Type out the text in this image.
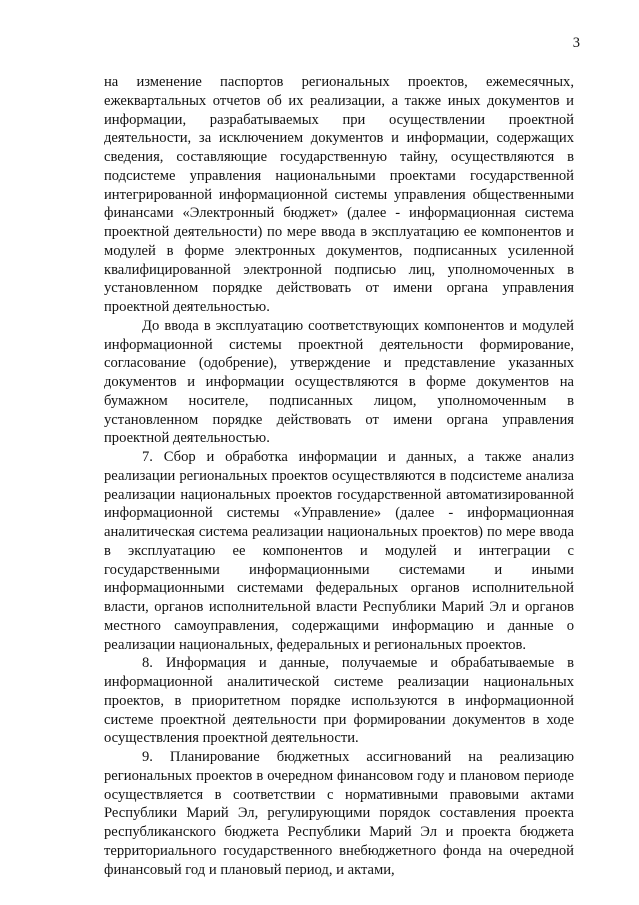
3

на изменение паспортов региональных проектов, ежемесячных, ежеквартальных отчетов об их реализации, а также иных документов и информации, разрабатываемых при осуществлении проектной деятельности, за исключением документов и информации, содержащих сведения, составляющие государственную тайну, осуществляются в подсистеме управления национальными проектами государственной интегрированной информационной системы управления общественными финансами «Электронный бюджет» (далее - информационная система проектной деятельности) по мере ввода в эксплуатацию ее компонентов и модулей в форме электронных документов, подписанных усиленной квалифицированной электронной подписью лиц, уполномоченных в установленном порядке действовать от имени органа управления проектной деятельностью.

До ввода в эксплуатацию соответствующих компонентов и модулей информационной системы проектной деятельности формирование, согласование (одобрение), утверждение и представление указанных документов и информации осуществляются в форме документов на бумажном носителе, подписанных лицом, уполномоченным в установленном порядке действовать от имени органа управления проектной деятельностью.

7. Сбор и обработка информации и данных, а также анализ реализации региональных проектов осуществляются в подсистеме анализа реализации национальных проектов государственной автоматизированной информационной системы «Управление» (далее - информационная аналитическая система реализации национальных проектов) по мере ввода в эксплуатацию ее компонентов и модулей и интеграции с государственными информационными системами и иными информационными системами федеральных органов исполнительной власти, органов исполнительной власти Республики Марий Эл и органов местного самоуправления, содержащими информацию и данные о реализации национальных, федеральных и региональных проектов.

8. Информация и данные, получаемые и обрабатываемые в информационной аналитической системе реализации национальных проектов, в приоритетном порядке используются в информационной системе проектной деятельности при формировании документов в ходе осуществления проектной деятельности.

9. Планирование бюджетных ассигнований на реализацию региональных проектов в очередном финансовом году и плановом периоде осуществляется в соответствии с нормативными правовыми актами Республики Марий Эл, регулирующими порядок составления проекта республиканского бюджета Республики Марий Эл и проекта бюджета территориального государственного внебюджетного фонда на очередной финансовый год и плановый период, и актами,
